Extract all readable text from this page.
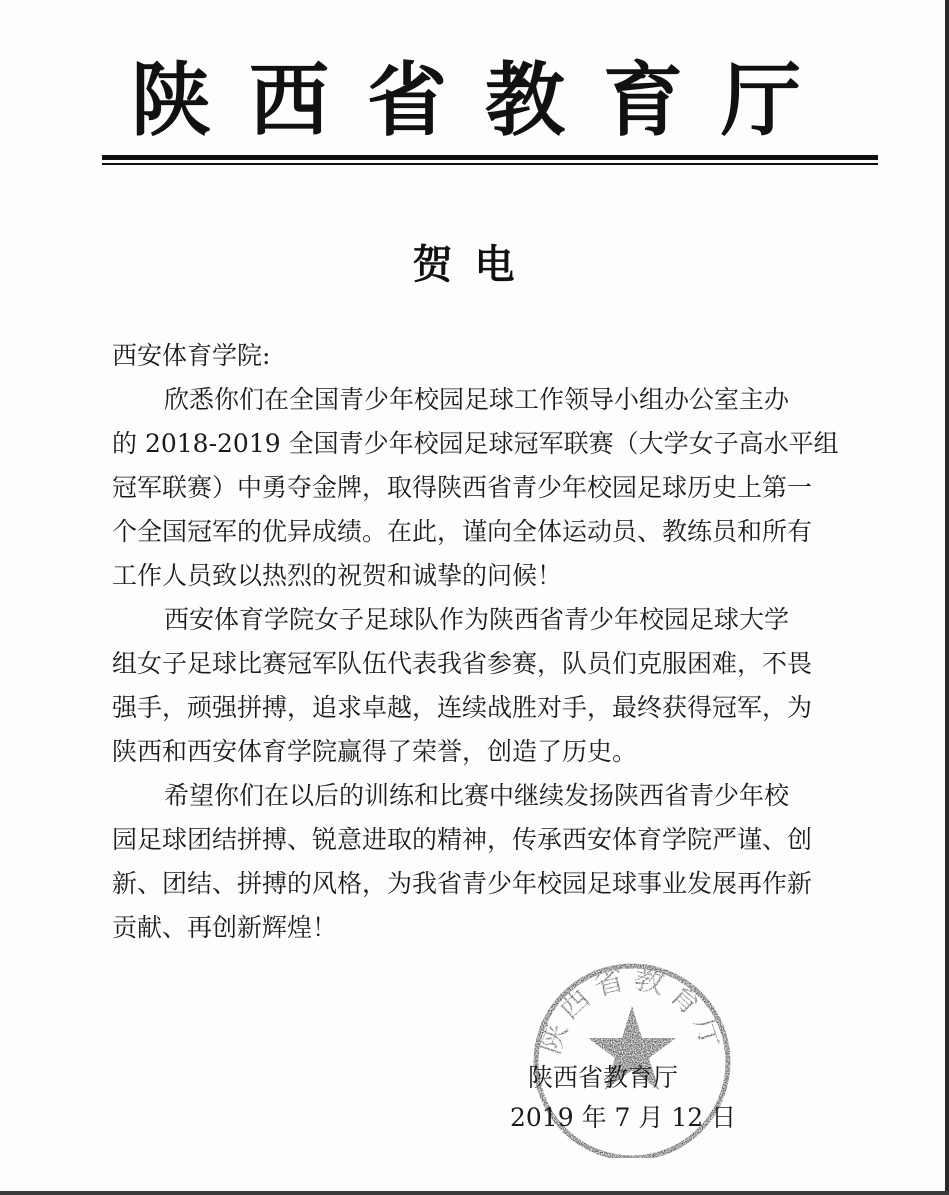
陕西省教育厅
贺电

西安体育学院:

欣悉你们在全国青少年校园足球工作领导小组办公室主办
的 2018-2019 全国青少年校园足球冠军联赛（大学女子高水平组
冠军联赛）中勇夺金牌，取得陕西省青少年校园足球历史上第一
个全国冠军的优异成绩。在此，谨向全体运动员、教练员和所有
工作人员致以热烈的祝贺和诚挚的问候！

西安体育学院女子足球队作为陕西省青少年校园足球大学
组女子足球比赛冠军队伍代表我省参赛，队员们克服困难，不畏
强手，顽强拼搏，追求卓越，连续战胜对手，最终获得冠军，为
陕西和西安体育学院赢得了荣誉，创造了历史。

希望你们在以后的训练和比赛中继续发扬陕西省青少年校
园足球团结拼搏、锐意进取的精神，传承西安体育学院严谨、创
新、团结、拼搏的风格，为我省青少年校园足球事业发展再作新
贡献、再创新辉煌！

陕西省教育厅
陕西省教育厅
2019 年 7 月 12 日
